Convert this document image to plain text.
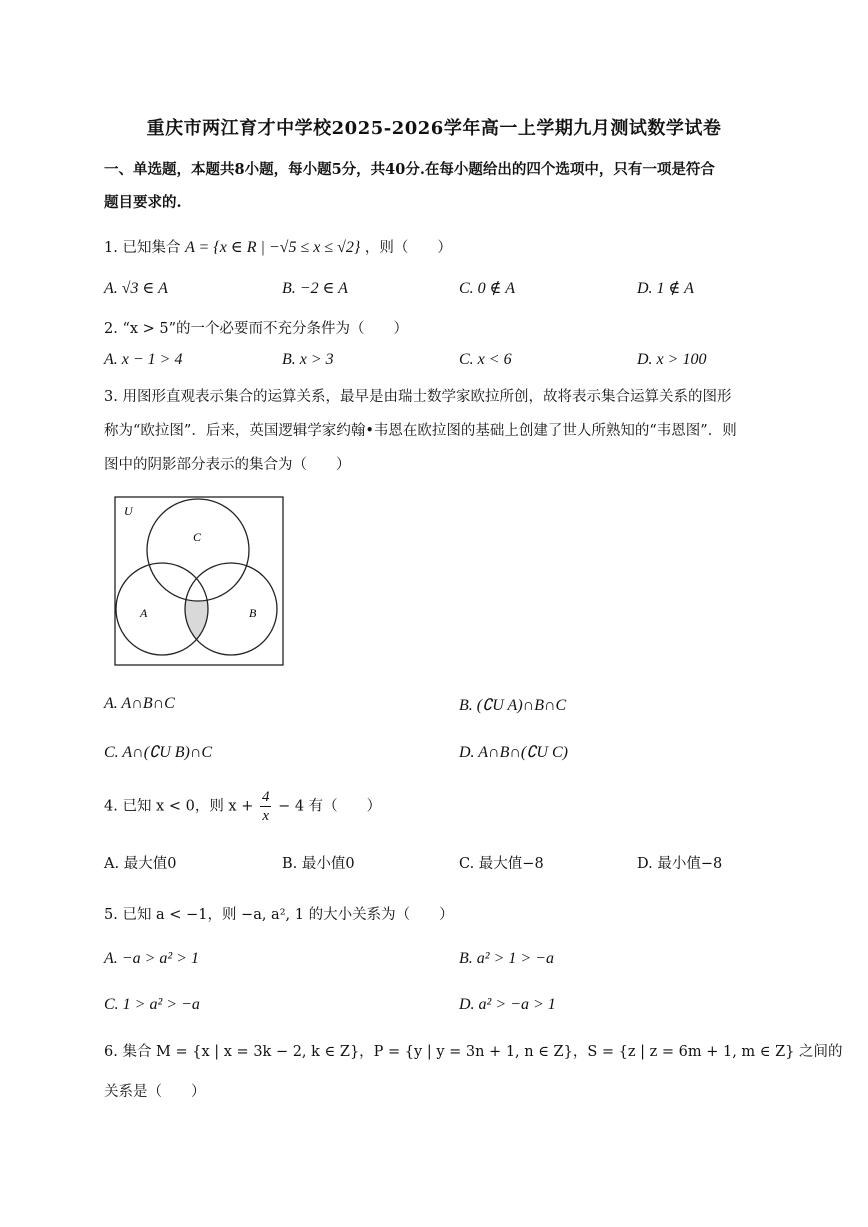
重庆市两江育才中学校2025-2026学年高一上学期九月测试数学试卷
一、单选题，本题共8小题，每小题5分，共40分.在每小题给出的四个选项中，只有一项是符合
题目要求的.
1. 已知集合 A = {x ∈ R | −√5 ≤ x ≤ √2} ，则（　　）
A. √3 ∈ A	B. −2 ∈ A	C. 0 ∉ A	D. 1 ∉ A
2. “x > 5”的一个必要而不充分条件为（　　）
A. x − 1 > 4	B. x > 3	C. x < 6	D. x > 100
3. 用图形直观表示集合的运算关系，最早是由瑞士数学家欧拉所创，故将表示集合运算关系的图形
称为“欧拉图”．后来，英国逻辑学家约翰•韦恩在欧拉图的基础上创建了世人所熟知的“韦恩图”．则
图中的阴影部分表示的集合为（　　）
U
C
A	B
A. A∩B∩C	B. (∁U A)∩B∩C
C. A∩(∁U B)∩C	D. A∩B∩(∁U C)
4. 已知 x < 0，则 $x + \frac{4}{x} - 4$ 有（　　）
A. 最大值0	B. 最小值0	C. 最大值−8	D. 最小值−8
5. 已知 a < −1，则 −a, a², 1 的大小关系为（　　）
A. −a > a² > 1	B. a² > 1 > −a
C. 1 > a² > −a	D. a² > −a > 1
6. 集合 M = {x | x = 3k − 2, k ∈ Z}，P = {y | y = 3n + 1, n ∈ Z}，S = {z | z = 6m + 1, m ∈ Z} 之间的
关系是（　　）
